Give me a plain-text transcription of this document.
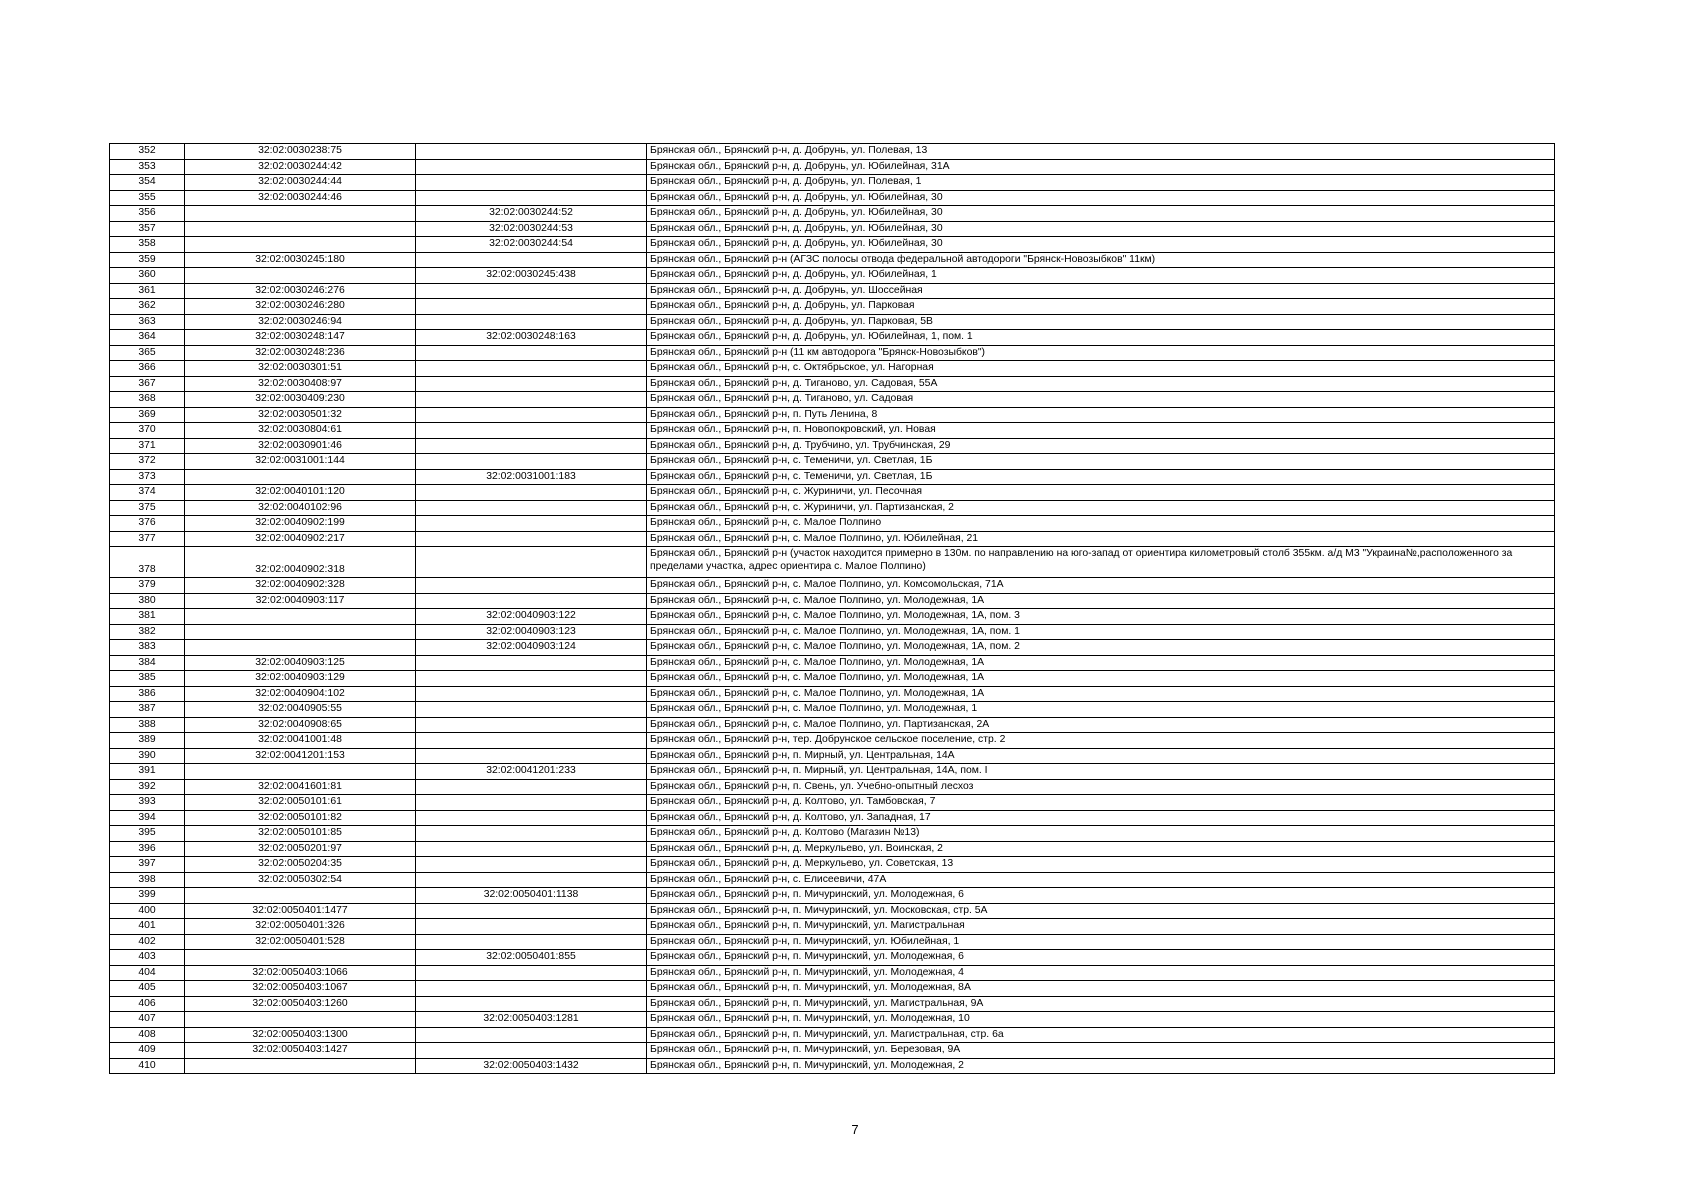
352	32:02:0030238:75		Брянская обл., Брянский р-н, д. Добрунь, ул. Полевая, 13
353	32:02:0030244:42		Брянская обл., Брянский р-н, д. Добрунь, ул. Юбилейная, 31А
354	32:02:0030244:44		Брянская обл., Брянский р-н, д. Добрунь, ул. Полевая, 1
355	32:02:0030244:46		Брянская обл., Брянский р-н, д. Добрунь, ул. Юбилейная, 30
356		32:02:0030244:52	Брянская обл., Брянский р-н, д. Добрунь, ул. Юбилейная, 30
357		32:02:0030244:53	Брянская обл., Брянский р-н, д. Добрунь, ул. Юбилейная, 30
358		32:02:0030244:54	Брянская обл., Брянский р-н, д. Добрунь, ул. Юбилейная, 30
359	32:02:0030245:180		Брянская обл., Брянский р-н (АГЗС полосы отвода федеральной автодороги "Брянск-Новозыбков" 11км)
360		32:02:0030245:438	Брянская обл., Брянский р-н, д. Добрунь, ул. Юбилейная, 1
361	32:02:0030246:276		Брянская обл., Брянский р-н, д. Добрунь, ул. Шоссейная
362	32:02:0030246:280		Брянская обл., Брянский р-н, д. Добрунь, ул. Парковая
363	32:02:0030246:94		Брянская обл., Брянский р-н, д. Добрунь, ул. Парковая, 5В
364	32:02:0030248:147	32:02:0030248:163	Брянская обл., Брянский р-н, д. Добрунь, ул. Юбилейная, 1, пом. 1
365	32:02:0030248:236		Брянская обл., Брянский р-н (11 км автодорога "Брянск-Новозыбков")
366	32:02:0030301:51		Брянская обл., Брянский р-н, с. Октябрьское, ул. Нагорная
367	32:02:0030408:97		Брянская обл., Брянский р-н, д. Тиганово, ул. Садовая, 55А
368	32:02:0030409:230		Брянская обл., Брянский р-н, д. Тиганово, ул. Садовая
369	32:02:0030501:32		Брянская обл., Брянский р-н, п. Путь Ленина, 8
370	32:02:0030804:61		Брянская обл., Брянский р-н, п. Новопокровский, ул. Новая
371	32:02:0030901:46		Брянская обл., Брянский р-н, д. Трубчино, ул. Трубчинская, 29
372	32:02:0031001:144		Брянская обл., Брянский р-н, с. Теменичи, ул. Светлая, 1Б
373		32:02:0031001:183	Брянская обл., Брянский р-н, с. Теменичи, ул. Светлая, 1Б
374	32:02:0040101:120		Брянская обл., Брянский р-н, с. Журиничи, ул. Песочная
375	32:02:0040102:96		Брянская обл., Брянский р-н, с. Журиничи, ул. Партизанская, 2
376	32:02:0040902:199		Брянская обл., Брянский р-н, с. Малое Полпино
377	32:02:0040902:217		Брянская обл., Брянский р-н, с. Малое Полпино, ул. Юбилейная, 21
378	32:02:0040902:318		Брянская обл., Брянский р-н (участок находится примерно в 130м. по направлению на юго-запад от ориентира километровый столб 355км. а/д М3 "Украина№,расположенного за пределами участка, адрес ориентира с. Малое Полпино)
379	32:02:0040902:328		Брянская обл., Брянский р-н, с. Малое Полпино, ул. Комсомольская, 71А
380	32:02:0040903:117		Брянская обл., Брянский р-н, с. Малое Полпино, ул. Молодежная, 1А
381		32:02:0040903:122	Брянская обл., Брянский р-н, с. Малое Полпино, ул. Молодежная, 1А, пом. 3
382		32:02:0040903:123	Брянская обл., Брянский р-н, с. Малое Полпино, ул. Молодежная, 1А, пом. 1
383		32:02:0040903:124	Брянская обл., Брянский р-н, с. Малое Полпино, ул. Молодежная, 1А, пом. 2
384	32:02:0040903:125		Брянская обл., Брянский р-н, с. Малое Полпино, ул. Молодежная, 1А
385	32:02:0040903:129		Брянская обл., Брянский р-н, с. Малое Полпино, ул. Молодежная, 1А
386	32:02:0040904:102		Брянская обл., Брянский р-н, с. Малое Полпино, ул. Молодежная, 1А
387	32:02:0040905:55		Брянская обл., Брянский р-н, с. Малое Полпино, ул. Молодежная, 1
388	32:02:0040908:65		Брянская обл., Брянский р-н, с. Малое Полпино, ул. Партизанская, 2А
389	32:02:0041001:48		Брянская обл., Брянский р-н, тер. Добрунское сельское поселение, стр. 2
390	32:02:0041201:153		Брянская обл., Брянский р-н, п. Мирный, ул. Центральная, 14А
391		32:02:0041201:233	Брянская обл., Брянский р-н, п. Мирный, ул. Центральная, 14А, пом. I
392	32:02:0041601:81		Брянская обл., Брянский р-н, п. Свень, ул. Учебно-опытный лесхоз
393	32:02:0050101:61		Брянская обл., Брянский р-н, д. Колтово, ул. Тамбовская, 7
394	32:02:0050101:82		Брянская обл., Брянский р-н, д. Колтово, ул. Западная, 17
395	32:02:0050101:85		Брянская обл., Брянский р-н, д. Колтово (Магазин №13)
396	32:02:0050201:97		Брянская обл., Брянский р-н, д. Меркульево, ул. Воинская, 2
397	32:02:0050204:35		Брянская обл., Брянский р-н, д. Меркульево, ул. Советская, 13
398	32:02:0050302:54		Брянская обл., Брянский р-н, с. Елисеевичи, 47А
399		32:02:0050401:1138	Брянская обл., Брянский р-н, п. Мичуринский, ул. Молодежная, 6
400	32:02:0050401:1477		Брянская обл., Брянский р-н, п. Мичуринский, ул. Московская, стр. 5А
401	32:02:0050401:326		Брянская обл., Брянский р-н, п. Мичуринский, ул. Магистральная
402	32:02:0050401:528		Брянская обл., Брянский р-н, п. Мичуринский, ул. Юбилейная, 1
403		32:02:0050401:855	Брянская обл., Брянский р-н, п. Мичуринский, ул. Молодежная, 6
404	32:02:0050403:1066		Брянская обл., Брянский р-н, п. Мичуринский, ул. Молодежная, 4
405	32:02:0050403:1067		Брянская обл., Брянский р-н, п. Мичуринский, ул. Молодежная, 8А
406	32:02:0050403:1260		Брянская обл., Брянский р-н, п. Мичуринский, ул. Магистральная, 9А
407		32:02:0050403:1281	Брянская обл., Брянский р-н, п. Мичуринский, ул. Молодежная, 10
408	32:02:0050403:1300		Брянская обл., Брянский р-н, п. Мичуринский, ул. Магистральная, стр. 6а
409	32:02:0050403:1427		Брянская обл., Брянский р-н, п. Мичуринский, ул. Березовая, 9А
410		32:02:0050403:1432	Брянская обл., Брянский р-н, п. Мичуринский, ул. Молодежная, 2
7
